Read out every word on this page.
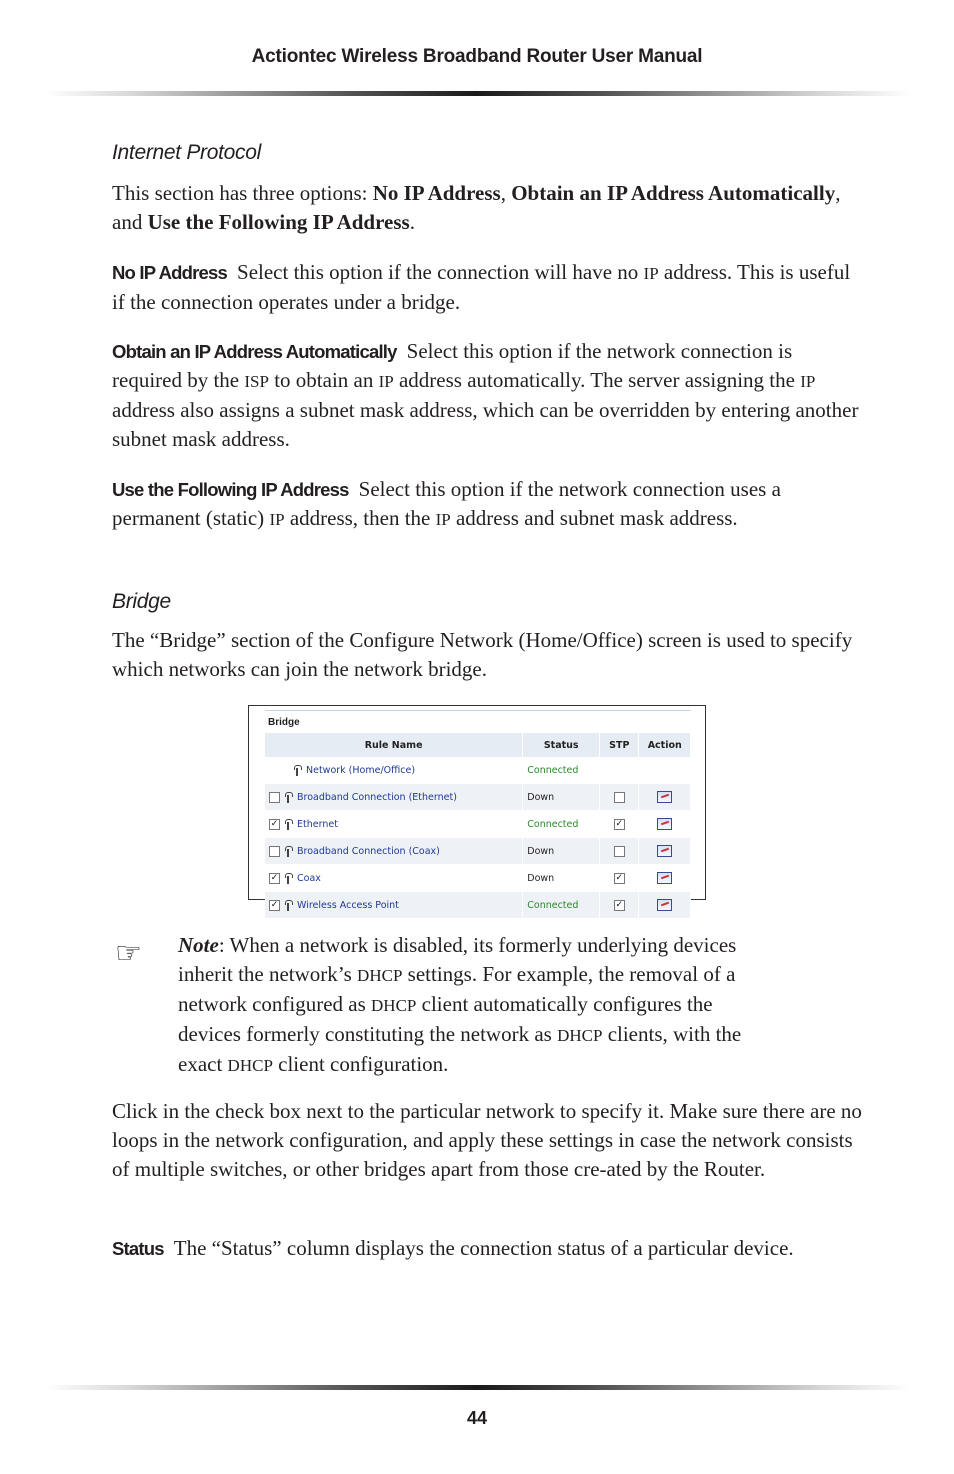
Actiontec Wireless Broadband Router User Manual
Internet Protocol
This section has three options: No IP Address, Obtain an IP Address Automatically, and Use the Following IP Address.
No IP Address Select this option if the connection will have no IP address. This is useful if the connection operates under a bridge.
Obtain an IP Address Automatically Select this option if the network connection is required by the ISP to obtain an IP address automatically. The server assigning the IP address also assigns a subnet mask address, which can be overridden by entering another subnet mask address.
Use the Following IP Address Select this option if the network connection uses a permanent (static) IP address, then the IP address and subnet mask address.
Bridge
The “Bridge” section of the Configure Network (Home/Office) screen is used to specify which networks can join the network bridge.
Bridge
Rule Name	Status	STP	Action
Network (Home/Office)	Connected		
Broadband Connection (Ethernet)	Down		
✓Ethernet	Connected	✓	
Broadband Connection (Coax)	Down		
✓Coax	Down	✓	
✓Wireless Access Point	Connected	✓	
☞ Note: When a network is disabled, its formerly underlying devices inherit the network’s DHCP settings. For example, the removal of a network configured as DHCP client automatically configures the devices formerly constituting the network as DHCP clients, with the exact DHCP client configuration.
Click in the check box next to the particular network to specify it. Make sure there are no loops in the network configuration, and apply these settings in case the network consists of multiple switches, or other bridges apart from those cre-ated by the Router.
Status The “Status” column displays the connection status of a particular device.
44
